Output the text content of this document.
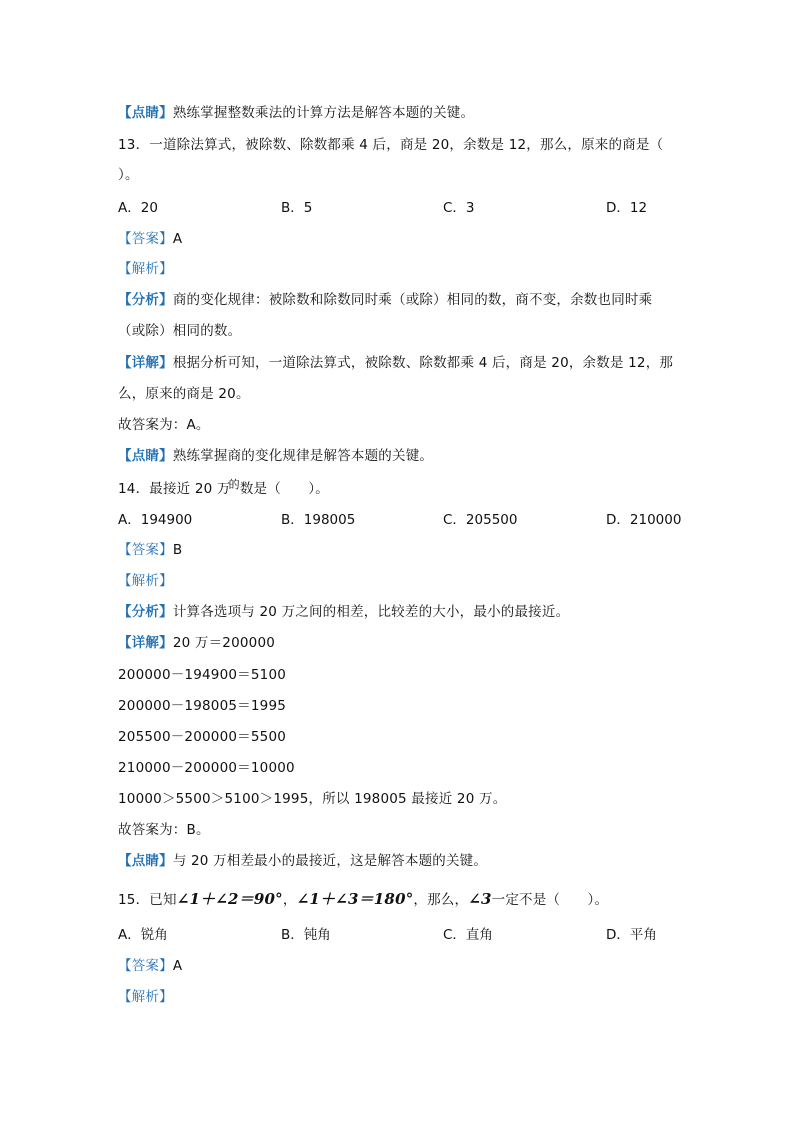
【点睛】熟练掌握整数乘法的计算方法是解答本题的关键。
13．一道除法算式，被除数、除数都乘 4 后，商是 20，余数是 12，那么，原来的商是（
）。
A．20	B．5	C．3	D．12
【答案】A
【解析】
【分析】商的变化规律：被除数和除数同时乘（或除）相同的数，商不变，余数也同时乘
（或除）相同的数。
【详解】根据分析可知，一道除法算式，被除数、除数都乘 4 后，商是 20，余数是 12，那
么，原来的商是 20。
故答案为：A。
【点睛】熟练掌握商的变化规律是解答本题的关键。
14．最接近 20 万$^的$数是（　　）。
A．194900	B．198005	C．205500	D．210000
【答案】B
【解析】
【分析】计算各选项与 20 万之间的相差，比较差的大小，最小的最接近。
【详解】20 万＝200000
200000－194900＝5100
200000－198005＝1995
205500－200000＝5500
210000－200000＝10000
10000＞5500＞5100＞1995，所以 198005 最接近 20 万。
故答案为：B。
【点睛】与 20 万相差最小的最接近，这是解答本题的关键。
15．已知∠1＋∠2＝90°，∠1＋∠3＝180°，那么，∠3一定不是（　　）。
A．锐角	B．钝角	C．直角	D．平角
【答案】A
【解析】
